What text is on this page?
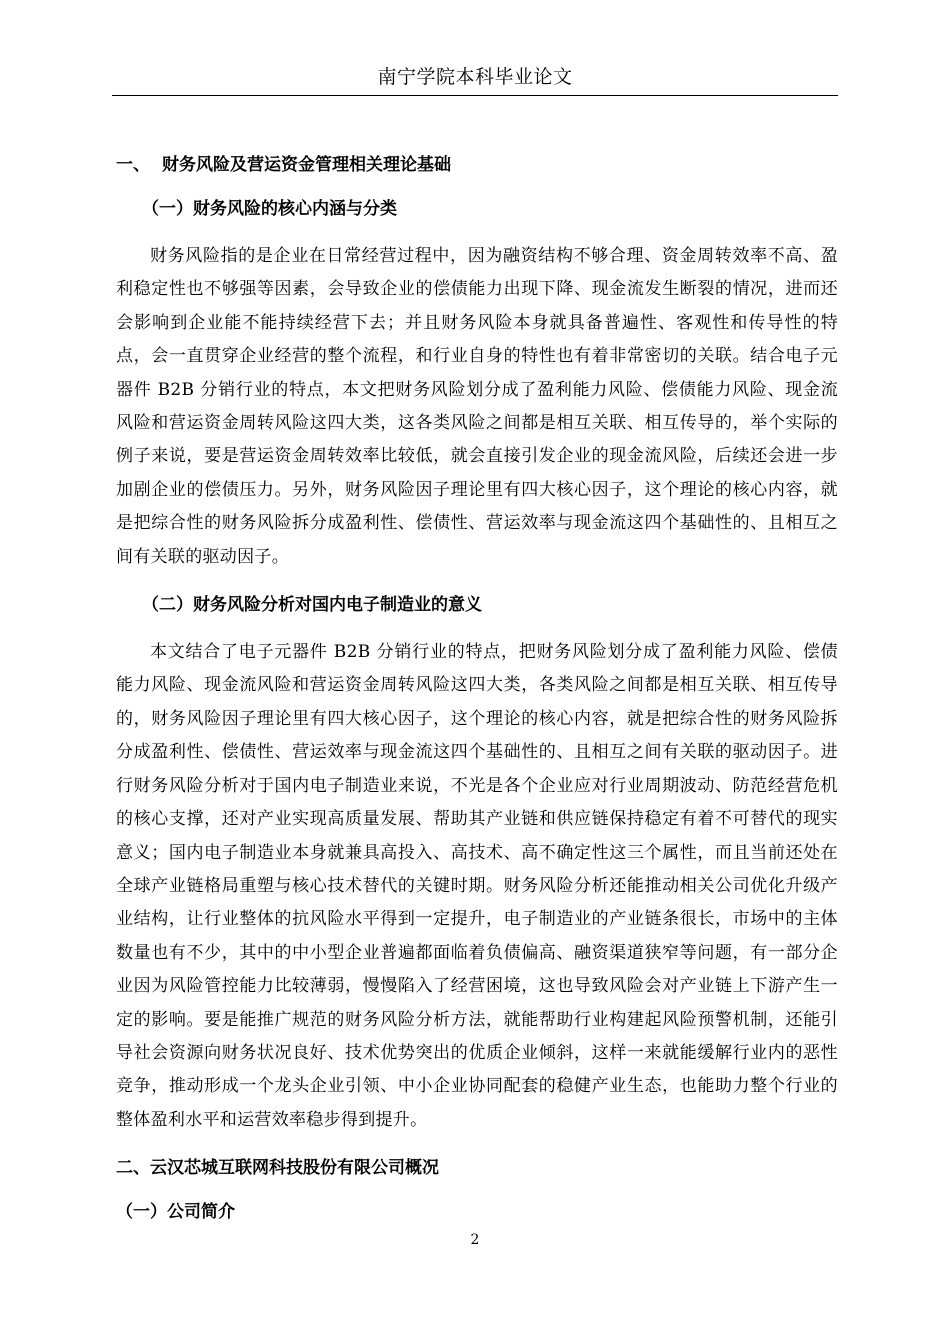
南宁学院本科毕业论文
一、 财务风险及营运资金管理相关理论基础
（一）财务风险的核心内涵与分类

财务风险指的是企业在日常经营过程中，因为融资结构不够合理、资金周转效率不高、盈利稳定性也不够强等因素，会导致企业的偿债能力出现下降、现金流发生断裂的情况，进而还会影响到企业能不能持续经营下去；并且财务风险本身就具备普遍性、客观性和传导性的特点，会一直贯穿企业经营的整个流程，和行业自身的特性也有着非常密切的关联。结合电子元器件 B2B 分销行业的特点，本文把财务风险划分成了盈利能力风险、偿债能力风险、现金流风险和营运资金周转风险这四大类，这各类风险之间都是相互关联、相互传导的，举个实际的例子来说，要是营运资金周转效率比较低，就会直接引发企业的现金流风险，后续还会进一步加剧企业的偿债压力。另外，财务风险因子理论里有四大核心因子，这个理论的核心内容，就是把综合性的财务风险拆分成盈利性、偿债性、营运效率与现金流这四个基础性的、且相互之间有关联的驱动因子。

（二）财务风险分析对国内电子制造业的意义

本文结合了电子元器件 B2B 分销行业的特点，把财务风险划分成了盈利能力风险、偿债能力风险、现金流风险和营运资金周转风险这四大类，各类风险之间都是相互关联、相互传导的，财务风险因子理论里有四大核心因子，这个理论的核心内容，就是把综合性的财务风险拆分成盈利性、偿债性、营运效率与现金流这四个基础性的、且相互之间有关联的驱动因子。进行财务风险分析对于国内电子制造业来说，不光是各个企业应对行业周期波动、防范经营危机的核心支撑，还对产业实现高质量发展、帮助其产业链和供应链保持稳定有着不可替代的现实意义；国内电子制造业本身就兼具高投入、高技术、高不确定性这三个属性，而且当前还处在全球产业链格局重塑与核心技术替代的关键时期。财务风险分析还能推动相关公司优化升级产业结构，让行业整体的抗风险水平得到一定提升，电子制造业的产业链条很长，市场中的主体数量也有不少，其中的中小型企业普遍都面临着负债偏高、融资渠道狭窄等问题，有一部分企业因为风险管控能力比较薄弱，慢慢陷入了经营困境，这也导致风险会对产业链上下游产生一定的影响。要是能推广规范的财务风险分析方法，就能帮助行业构建起风险预警机制，还能引导社会资源向财务状况良好、技术优势突出的优质企业倾斜，这样一来就能缓解行业内的恶性竞争，推动形成一个龙头企业引领、中小企业协同配套的稳健产业生态，也能助力整个行业的整体盈利水平和运营效率稳步得到提升。

二、云汉芯城互联网科技股份有限公司概况
（一）公司简介
2
